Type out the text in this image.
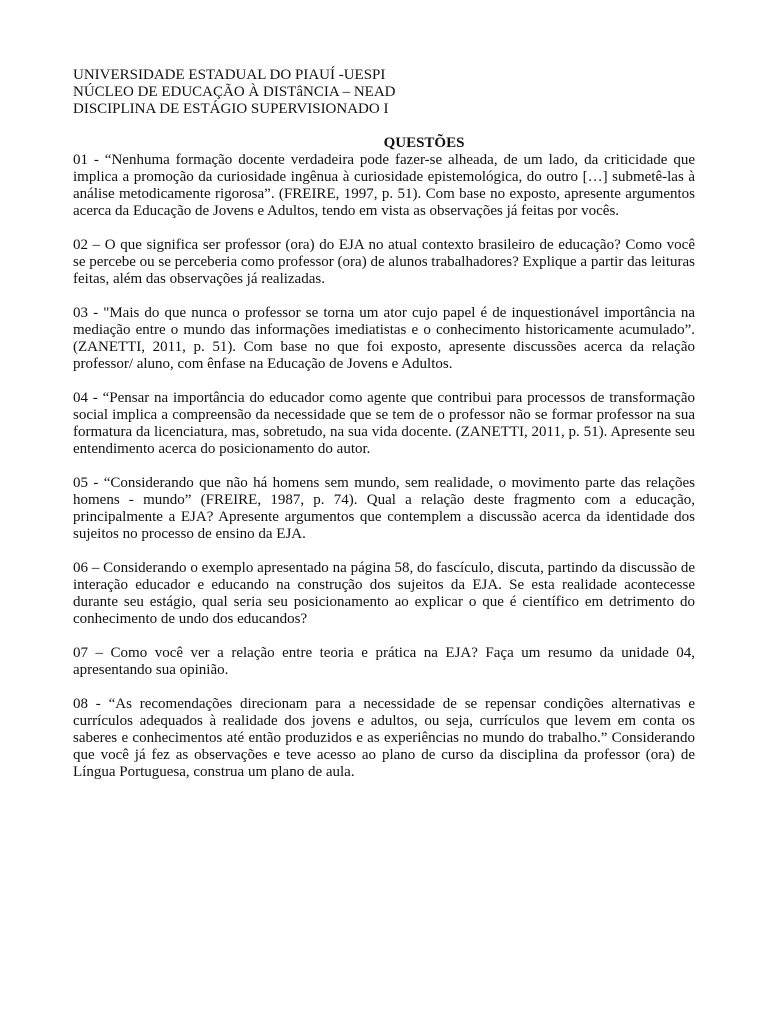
UNIVERSIDADE ESTADUAL DO PIAUÍ -UESPI
NÚCLEO DE EDUCAÇÃO À DISTâNCIA – NEAD
DISCIPLINA DE ESTÁGIO SUPERVISIONADO I
QUESTÕES

01 - “Nenhuma formação docente verdadeira pode fazer-se alheada, de um lado, da criticidade que implica a promoção da curiosidade ingênua à curiosidade epistemológica, do outro […] submetê-las à análise metodicamente rigorosa”. (FREIRE, 1997, p. 51). Com base no exposto, apresente argumentos acerca da Educação de Jovens e Adultos, tendo em vista as observações já feitas por vocês.

02 – O que significa ser professor (ora) do EJA no atual contexto brasileiro de educação? Como você se percebe ou se perceberia como professor (ora) de alunos trabalhadores? Explique a partir das leituras feitas, além das observações já realizadas.

03 - "Mais do que nunca o professor se torna um ator cujo papel é de inquestionável importância na mediação entre o mundo das informações imediatistas e o conhecimento historicamente acumulado”. (ZANETTI, 2011, p. 51). Com base no que foi exposto, apresente discussões acerca da relação professor/ aluno, com ênfase na Educação de Jovens e Adultos.

04 - “Pensar na importância do educador como agente que contribui para processos de transformação social implica a compreensão da necessidade que se tem de o professor não se formar professor na sua formatura da licenciatura, mas, sobretudo, na sua vida docente. (ZANETTI, 2011, p. 51). Apresente seu entendimento acerca do posicionamento do autor.

05 - “Considerando que não há homens sem mundo, sem realidade, o movimento parte das relações homens - mundo” (FREIRE, 1987, p. 74). Qual a relação deste fragmento com a educação, principalmente a EJA? Apresente argumentos que contemplem a discussão acerca da identidade dos sujeitos no processo de ensino da EJA.

06 – Considerando o exemplo apresentado na página 58, do fascículo, discuta, partindo da discussão de interação educador e educando na construção dos sujeitos da EJA. Se esta realidade acontecesse durante seu estágio, qual seria seu posicionamento ao explicar o que é científico em detrimento do conhecimento de undo dos educandos?

07 – Como você ver a relação entre teoria e prática na EJA? Faça um resumo da unidade 04, apresentando sua opinião.

08 - “As recomendações direcionam para a necessidade de se repensar condições alternativas e currículos adequados à realidade dos jovens e adultos, ou seja, currículos que levem em conta os saberes e conhecimentos até então produzidos e as experiências no mundo do trabalho.” Considerando que você já fez as observações e teve acesso ao plano de curso da disciplina da professor (ora) de Língua Portuguesa, construa um plano de aula.
